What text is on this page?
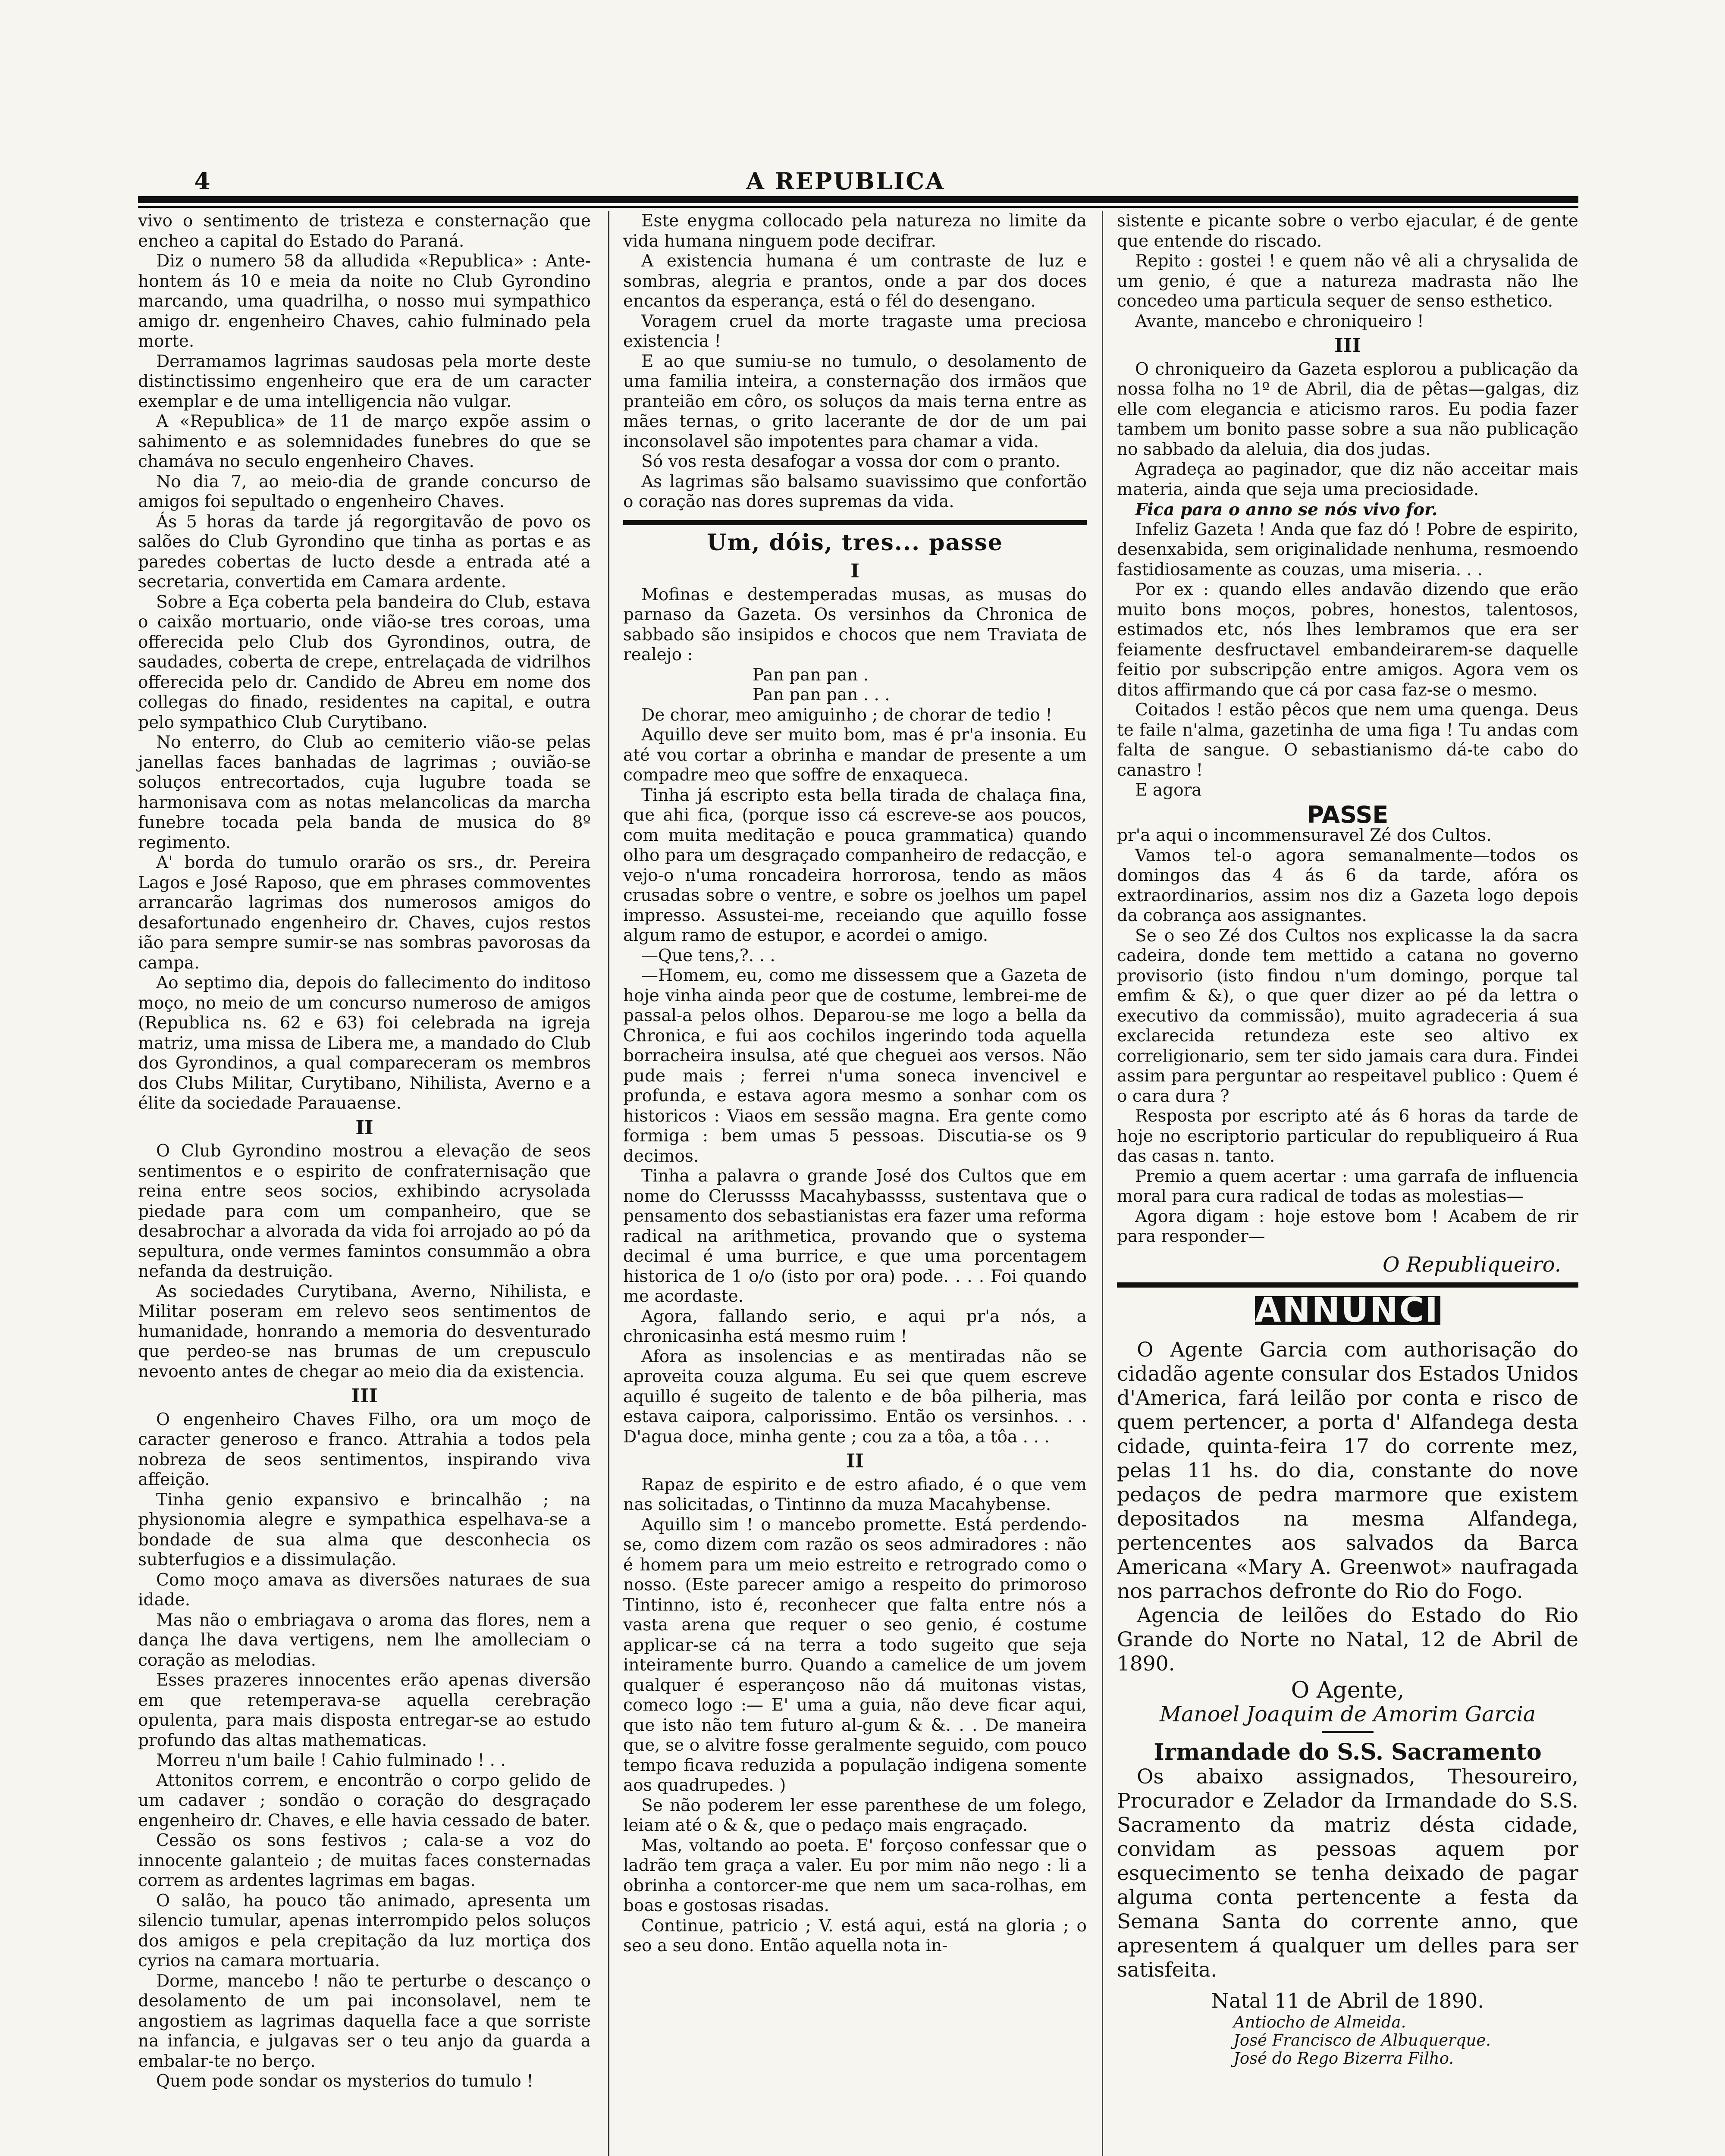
4	A REPUBLICA

vivo o sentimento de tristeza e consternação que encheo a capital do Estado do Paraná.

Diz o numero 58 da alludida «Republica» : Ante-hontem ás 10 e meia da noite no Club Gyrondino marcando, uma quadrilha, o nosso mui sympathico amigo dr. engenheiro Chaves, cahio fulminado pela morte.

Derramamos lagrimas saudosas pela morte deste distinctissimo engenheiro que era de um caracter exemplar e de uma intelligencia não vulgar.

A «Republica» de 11 de março expõe assim o sahimento e as solemnidades funebres do que se chamáva no seculo engenheiro Chaves.

No dia 7, ao meio-dia de grande concurso de amigos foi sepultado o engenheiro Chaves.

Ás 5 horas da tarde já regorgitavão de povo os salões do Club Gyrondino que tinha as portas e as paredes cobertas de lucto desde a entrada até a secretaria, convertida em Camara ardente.

Sobre a Eça coberta pela bandeira do Club, estava o caixão mortuario, onde vião-se tres coroas, uma offerecida pelo Club dos Gyrondinos, outra, de saudades, coberta de crepe, entrelaçada de vidrilhos offerecida pelo dr. Candido de Abreu em nome dos collegas do finado, residentes na capital, e outra pelo sympathico Club Curytibano.

No enterro, do Club ao cemiterio vião-se pelas janellas faces banhadas de lagrimas ; ouvião-se soluços entrecortados, cuja lugubre toada se harmonisava com as notas melancolicas da marcha funebre tocada pela banda de musica do 8º regimento.

A' borda do tumulo orarão os srs., dr. Pereira Lagos e José Raposo, que em phrases commoventes arrancarão lagrimas dos numerosos amigos do desafortunado engenheiro dr. Chaves, cujos restos ião para sempre sumir-se nas sombras pavorosas da campa.

Ao septimo dia, depois do fallecimento do inditoso moço, no meio de um concurso numeroso de amigos (Republica ns. 62 e 63) foi celebrada na igreja matriz, uma missa de Libera me, a mandado do Club dos Gyrondinos, a qual compareceram os membros dos Clubs Militar, Curytibano, Nihilista, Averno e a élite da sociedade Parauaense.

II

O Club Gyrondino mostrou a elevação de seos sentimentos e o espirito de confraternisação que reina entre seos socios, exhibindo acrysolada piedade para com um companheiro, que se desabrochar a alvorada da vida foi arrojado ao pó da sepultura, onde vermes famintos consummão a obra nefanda da destruição.

As sociedades Curytibana, Averno, Nihilista, e Militar poseram em relevo seos sentimentos de humanidade, honrando a memoria do desventurado que perdeo-se nas brumas de um crepusculo nevoento antes de chegar ao meio dia da existencia.

III

O engenheiro Chaves Filho, ora um moço de caracter generoso e franco. Attrahia a todos pela nobreza de seos sentimentos, inspirando viva affeição.

Tinha genio expansivo e brincalhão ; na physionomia alegre e sympathica espelhava-se a bondade de sua alma que desconhecia os subterfugios e a dissimulação.

Como moço amava as diversões naturaes de sua idade.

Mas não o embriagava o aroma das flores, nem a dança lhe dava vertigens, nem lhe amolleciam o coração as melodias.

Esses prazeres innocentes erão apenas diversão em que retemperava-se aquella cerebração opulenta, para mais disposta entregar-se ao estudo profundo das altas mathematicas.

Morreu n'um baile ! Cahio fulminado ! . .

Attonitos correm, e encontrão o corpo gelido de um cadaver ; sondão o coração do desgraçado engenheiro dr. Chaves, e elle havia cessado de bater.

Cessão os sons festivos ; cala-se a voz do innocente galanteio ; de muitas faces consternadas correm as ardentes lagrimas em bagas.

O salão, ha pouco tão animado, apresenta um silencio tumular, apenas interrompido pelos soluços dos amigos e pela crepitação da luz mortiça dos cyrios na camara mortuaria.

Dorme, mancebo ! não te perturbe o descanço o desolamento de um pai inconsolavel, nem te angostiem as lagrimas daquella face a que sorriste na infancia, e julgavas ser o teu anjo da guarda a embalar-te no berço.

Quem pode sondar os mysterios do tumulo !

Este enygma collocado pela natureza no limite da vida humana ninguem pode decifrar.

A existencia humana é um contraste de luz e sombras, alegria e prantos, onde a par dos doces encantos da esperança, está o fél do desengano.

Voragem cruel da morte tragaste uma preciosa existencia !

E ao que sumiu-se no tumulo, o desolamento de uma familia inteira, a consternação dos irmãos que pranteião em côro, os soluços da mais terna entre as mães ternas, o grito lacerante de dor de um pai inconsolavel são impotentes para chamar a vida.

Só vos resta desafogar a vossa dor com o pranto.

As lagrimas são balsamo suavissimo que confortão o coração nas dores supremas da vida.

Um, dóis, tres... passe
I

Mofinas e destemperadas musas, as musas do parnaso da Gazeta. Os versinhos da Chronica de sabbado são insipidos e chocos que nem Traviata de realejo :

Pan pan pan .

Pan pan pan . . .

De chorar, meo amiguinho ; de chorar de tedio !

Aquillo deve ser muito bom, mas é pr'a insonia. Eu até vou cortar a obrinha e mandar de presente a um compadre meo que soffre de enxaqueca.

Tinha já escripto esta bella tirada de chalaça fina, que ahi fica, (porque isso cá escreve-se aos poucos, com muita meditação e pouca grammatica) quando olho para um desgraçado companheiro de redacção, e vejo-o n'uma roncadeira horrorosa, tendo as mãos crusadas sobre o ventre, e sobre os joelhos um papel impresso. Assustei-me, receiando que aquillo fosse algum ramo de estupor, e acordei o amigo.

—Que tens,?. . .

—Homem, eu, como me dissessem que a Gazeta de hoje vinha ainda peor que de costume, lembrei-me de passal-a pelos olhos. Deparou-se me logo a bella da Chronica, e fui aos cochilos ingerindo toda aquella borracheira insulsa, até que cheguei aos versos. Não pude mais ; ferrei n'uma soneca invencivel e profunda, e estava agora mesmo a sonhar com os historicos : Viaos em sessão magna. Era gente como formiga : bem umas 5 pessoas. Discutia-se os 9 decimos.

Tinha a palavra o grande José dos Cultos que em nome do Clerussss Macahybassss, sustentava que o pensamento dos sebastianistas era fazer uma reforma radical na arithmetica, provando que o systema decimal é uma burrice, e que uma porcentagem historica de 1 o/o (isto por ora) pode. . . . Foi quando me acordaste.

Agora, fallando serio, e aqui pr'a nós, a chronicasinha está mesmo ruim !

Afora as insolencias e as mentiradas não se aproveita couza alguma. Eu sei que quem escreve aquillo é sugeito de talento e de bôa pilheria, mas estava caipora, calporissimo. Então os versinhos. . . D'agua doce, minha gente ; cou za a tôa, a tôa . . .

II

Rapaz de espirito e de estro afiado, é o que vem nas solicitadas, o Tintinno da muza Macahybense.

Aquillo sim ! o mancebo promette. Está perdendo-se, como dizem com razão os seos admiradores : não é homem para um meio estreito e retrogrado como o nosso. (Este parecer amigo a respeito do primoroso Tintinno, isto é, reconhecer que falta entre nós a vasta arena que requer o seo genio, é costume applicar-se cá na terra a todo sugeito que seja inteiramente burro. Quando a camelice de um jovem qualquer é esperançoso não dá muitonas vistas, comeco logo :— E' uma a guia, não deve ficar aqui, que isto não tem futuro al-gum & &. . . De maneira que, se o alvitre fosse geralmente seguido, com pouco tempo ficava reduzida a população indigena somente aos quadrupedes. )

Se não poderem ler esse parenthese de um folego, leiam até o & &, que o pedaço mais engraçado.

Mas, voltando ao poeta. E' forçoso confessar que o ladrão tem graça a valer. Eu por mim não nego : li a obrinha a contorcer-me que nem um saca-rolhas, em boas e gostosas risadas.

Continue, patricio ; V. está aqui, está na gloria ; o seo a seu dono. Então aquella nota in-

sistente e picante sobre o verbo ejacular, é de gente que entende do riscado.

Repito : gostei ! e quem não vê ali a chrysalida de um genio, é que a natureza madrasta não lhe concedeo uma particula sequer de senso esthetico.

Avante, mancebo e chroniqueiro !

III

O chroniqueiro da Gazeta esplorou a publicação da nossa folha no 1º de Abril, dia de pêtas—galgas, diz elle com elegancia e aticismo raros. Eu podia fazer tambem um bonito passe sobre a sua não publicação no sabbado da aleluia, dia dos judas.

Agradeça ao paginador, que diz não acceitar mais materia, ainda que seja uma preciosidade.

Fica para o anno se nós vivo for.

Infeliz Gazeta ! Anda que faz dó ! Pobre de espirito, desenxabida, sem originalidade nenhuma, resmoendo fastidiosamente as couzas, uma miseria. . .

Por ex : quando elles andavão dizendo que erão muito bons moços, pobres, honestos, talentosos, estimados etc, nós lhes lembramos que era ser feiamente desfructavel embandeirarem-se daquelle feitio por subscripção entre amigos. Agora vem os ditos affirmando que cá por casa faz-se o mesmo.

Coitados ! estão pêcos que nem uma quenga. Deus te faile n'alma, gazetinha de uma figa ! Tu andas com falta de sangue. O sebastianismo dá-te cabo do canastro !

E agora

PASSE

pr'a aqui o incommensuravel Zé dos Cultos.

Vamos tel-o agora semanalmente—todos os domingos das 4 ás 6 da tarde, afóra os extraordinarios, assim nos diz a Gazeta logo depois da cobrança aos assignantes.

Se o seo Zé dos Cultos nos explicasse la da sacra cadeira, donde tem mettido a catana no governo provisorio (isto findou n'um domingo, porque tal emfim & &), o que quer dizer ao pé da lettra o executivo da commissão), muito agradeceria á sua exclarecida retundeza este seo altivo ex correligionario, sem ter sido jamais cara dura. Findei assim para perguntar ao respeitavel publico : Quem é o cara dura ?

Resposta por escripto até ás 6 horas da tarde de hoje no escriptorio particular do republiqueiro á Rua das casas n. tanto.

Premio a quem acertar : uma garrafa de influencia moral para cura radical de todas as molestias—

Agora digam : hoje estove bom ! Acabem de rir para responder—

O Republiqueiro.
ANNUNCIO

O Agente Garcia com authorisação do cidadão agente consular dos Estados Unidos d'America, fará leilão por conta e risco de quem pertencer, a porta d' Alfandega desta cidade, quinta-feira 17 do corrente mez, pelas 11 hs. do dia, constante do nove pedaços de pedra marmore que existem depositados na mesma Alfandega, pertencentes aos salvados da Barca Americana «Mary A. Greenwot» naufragada nos parrachos defronte do Rio do Fogo.

Agencia de leilões do Estado do Rio Grande do Norte no Natal, 12 de Abril de 1890.

O Agente,
Manoel Joaquim de Amorim Garcia
Irmandade do S.S. Sacramento

Os abaixo assignados, Thesoureiro, Procurador e Zelador da Irmandade do S.S. Sacramento da matriz désta cidade, convidam as pessoas aquem por esquecimento se tenha deixado de pagar alguma conta pertencente a festa da Semana Santa do corrente anno, que apresentem á qualquer um delles para ser satisfeita.

Natal 11 de Abril de 1890.

Antiocho de Almeida.
José Francisco de Albuquerque.
José do Rego Bizerra Filho.
